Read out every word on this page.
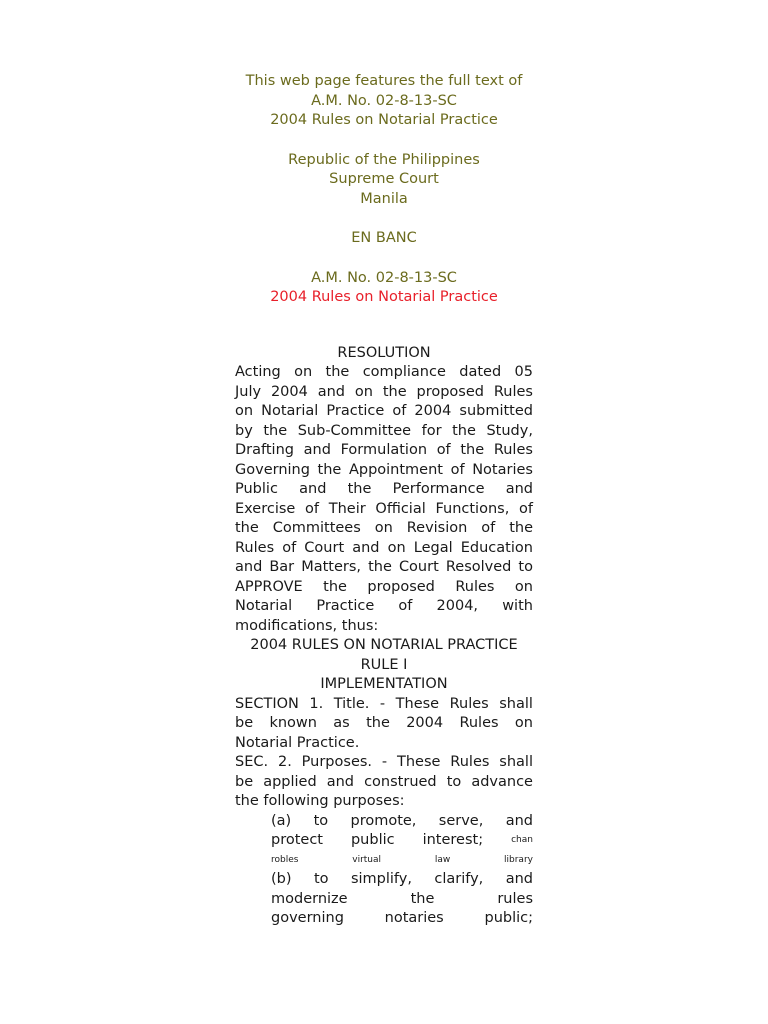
This web page features the full text of
A.M. No. 02-8-13-SC
2004 Rules on Notarial Practice
Republic of the Philippines
Supreme Court
Manila
EN BANC
A.M. No. 02-8-13-SC
2004 Rules on Notarial Practice
RESOLUTION
Acting on the compliance dated 05
July 2004 and on the proposed Rules
on Notarial Practice of 2004 submitted
by the Sub-Committee for the Study,
Drafting and Formulation of the Rules
Governing the Appointment of Notaries
Public and the Performance and
Exercise of Their Official Functions, of
the Committees on Revision of the
Rules of Court and on Legal Education
and Bar Matters, the Court Resolved to
APPROVE the proposed Rules on
Notarial Practice of 2004, with
modifications, thus:
2004 RULES ON NOTARIAL PRACTICE
RULE I
IMPLEMENTATION
SECTION 1. Title. - These Rules shall
be known as the 2004 Rules on
Notarial Practice.
SEC. 2. Purposes. - These Rules shall
be applied and construed to advance
the following purposes:
(a) to promote, serve, and
protect public interest;	chan
robles	virtual	law	library
(b) to simplify, clarify, and
modernize	the	rules
governing	notaries	public;
